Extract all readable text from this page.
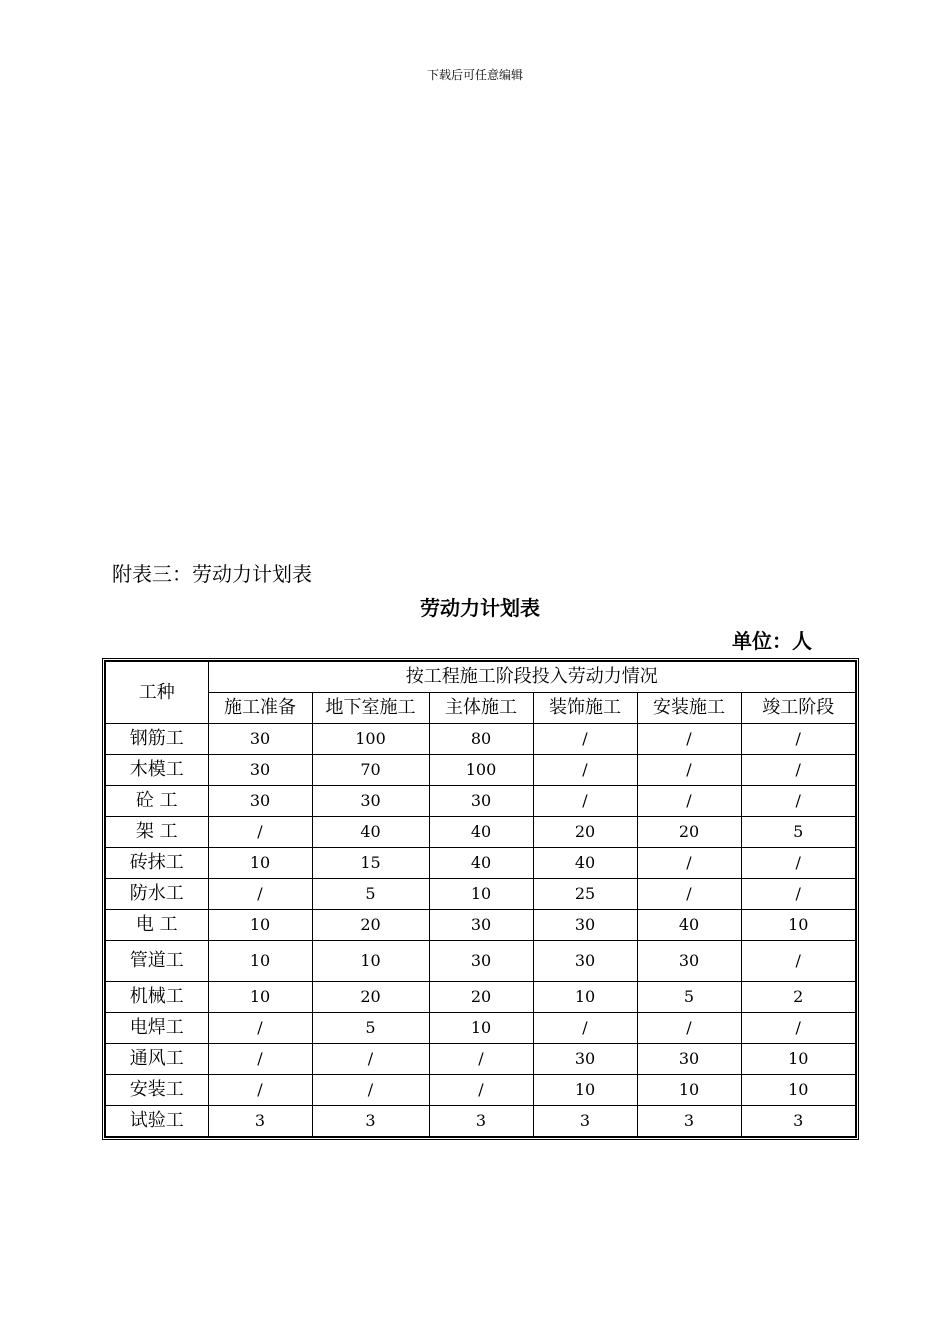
下载后可任意编辑
附表三：劳动力计划表
劳动力计划表
单位：人
工种	按工程施工阶段投入劳动力情况					
	施工准备	地下室施工	主体施工	装饰施工	安装施工	竣工阶段
钢筋工	30	100	80	/	/	/
木模工	30	70	100	/	/	/
砼 工	30	30	30	/	/	/
架 工	/	40	40	20	20	5
砖抹工	10	15	40	40	/	/
防水工	/	5	10	25	/	/
电 工	10	20	30	30	40	10
管道工	10	10	30	30	30	/
机械工	10	20	20	10	5	2
电焊工	/	5	10	/	/	/
通风工	/	/	/	30	30	10
安装工	/	/	/	10	10	10
试验工	3	3	3	3	3	3
